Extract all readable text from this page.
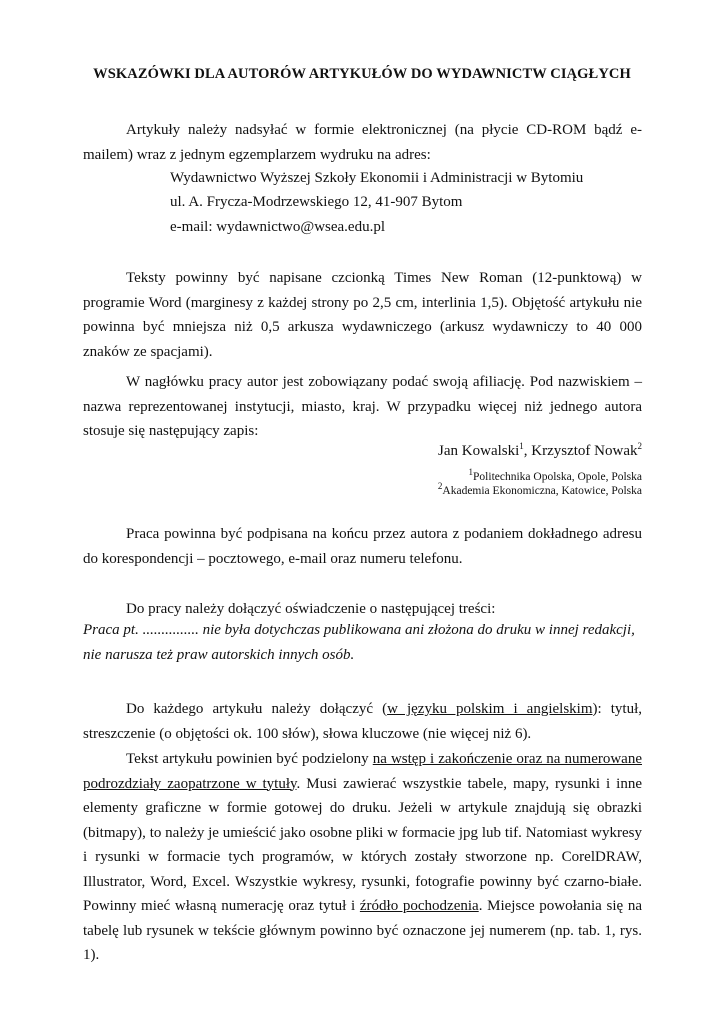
WSKAZÓWKI DLA AUTORÓW ARTYKUŁÓW DO WYDAWNICTW CIĄGŁYCH
Artykuły należy nadsyłać w formie elektronicznej (na płycie CD-ROM bądź e-mailem) wraz z jednym egzemplarzem wydruku na adres:
Wydawnictwo Wyższej Szkoły Ekonomii i Administracji w Bytomiu
ul. A. Frycza-Modrzewskiego 12, 41-907 Bytom
e-mail: wydawnictwo@wsea.edu.pl
Teksty powinny być napisane czcionką Times New Roman (12-punktową) w programie Word (marginesy z każdej strony po 2,5 cm, interlinia 1,5). Objętość artykułu nie powinna być mniejsza niż 0,5 arkusza wydawniczego (arkusz wydawniczy to 40 000 znaków ze spacjami).
W nagłówku pracy autor jest zobowiązany podać swoją afiliację. Pod nazwiskiem – nazwa reprezentowanej instytucji, miasto, kraj. W przypadku więcej niż jednego autora stosuje się następujący zapis:
Jan Kowalski$^1$, Krzysztof Nowak$^2$
$^1$Politechnika Opolska, Opole, Polska
$^2$Akademia Ekonomiczna, Katowice, Polska
Praca powinna być podpisana na końcu przez autora z podaniem dokładnego adresu do korespondencji – pocztowego, e-mail oraz numeru telefonu.
Do pracy należy dołączyć oświadczenie o następującej treści:
Praca pt. ............... nie była dotychczas publikowana ani złożona do druku w innej redakcji,
nie narusza też praw autorskich innych osób.
Do każdego artykułu należy dołączyć (w języku polskim i angielskim): tytuł, streszczenie (o objętości ok. 100 słów), słowa kluczowe (nie więcej niż 6).
Tekst artykułu powinien być podzielony na wstęp i zakończenie oraz na numerowane podrozdziały zaopatrzone w tytuły. Musi zawierać wszystkie tabele, mapy, rysunki i inne elementy graficzne w formie gotowej do druku. Jeżeli w artykule znajdują się obrazki (bitmapy), to należy je umieścić jako osobne pliki w formacie jpg lub tif. Natomiast wykresy i rysunki w formacie tych programów, w których zostały stworzone np. CorelDRAW, Illustrator, Word, Excel. Wszystkie wykresy, rysunki, fotografie powinny być czarno-białe. Powinny mieć własną numerację oraz tytuł i źródło pochodzenia. Miejsce powołania się na tabelę lub rysunek w tekście głównym powinno być oznaczone jej numerem (np. tab. 1, rys. 1).
